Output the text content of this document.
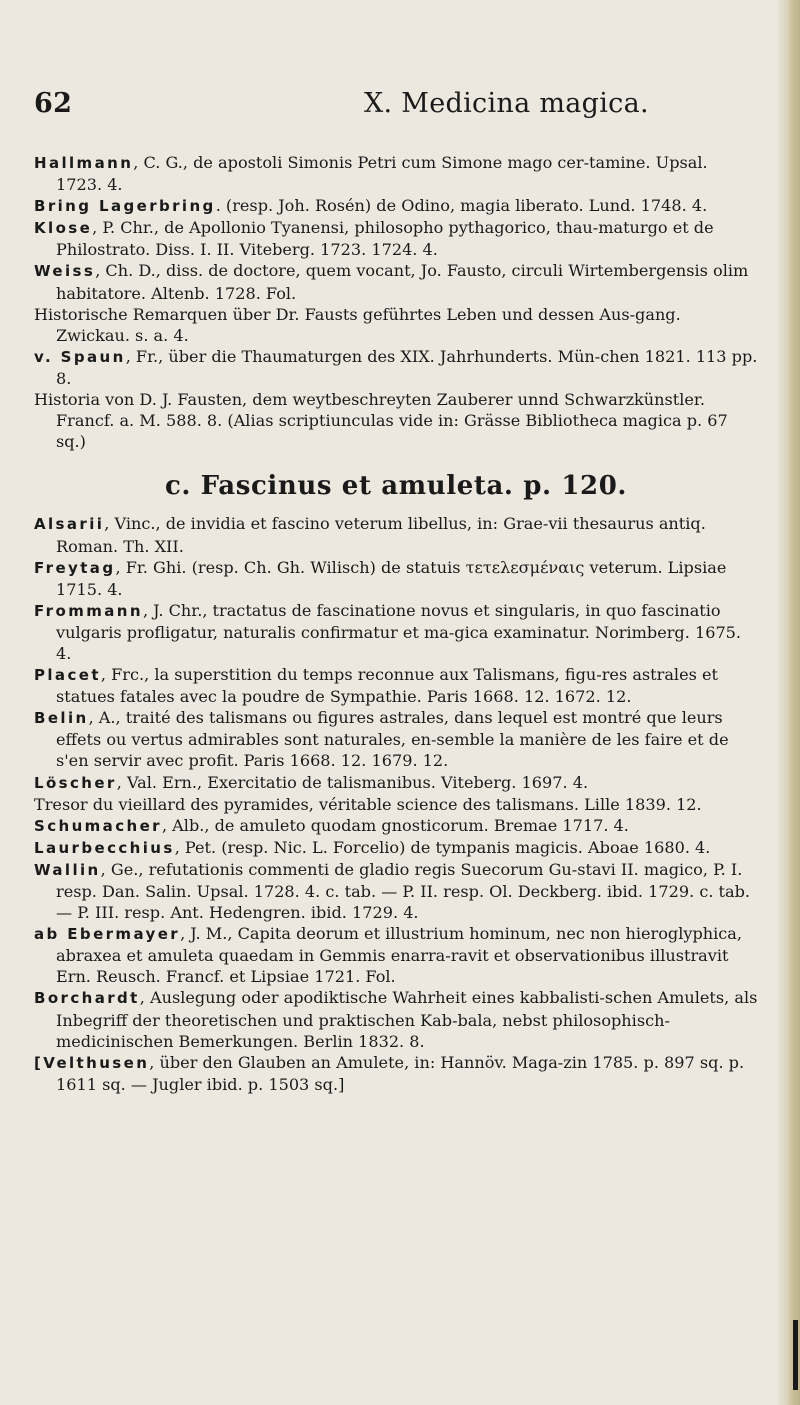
62	X. Medicina magica.

Hallmann, C. G., de apostoli Simonis Petri cum Simone mago cer-tamine. Upsal. 1723. 4.

Bring Lagerbring. (resp. Joh. Rosén) de Odino, magia liberato. Lund. 1748. 4.

Klose, P. Chr., de Apollonio Tyanensi, philosopho pythagorico, thau-maturgo et de Philostrato. Diss. I. II. Viteberg. 1723. 1724. 4.

Weiss, Ch. D., diss. de doctore, quem vocant, Jo. Fausto, circuli Wirtembergensis olim habitatore. Altenb. 1728. Fol.

Historische Remarquen über Dr. Fausts geführtes Leben und dessen Aus-gang. Zwickau. s. a. 4.

v. Spaun, Fr., über die Thaumaturgen des XIX. Jahrhunderts. Mün-chen 1821. 113 pp. 8.

Historia von D. J. Fausten, dem weytbeschreyten Zauberer unnd Schwarzkünstler. Francf. a. M. 588. 8. (Alias scriptiunculas vide in: Grässe Bibliotheca magica p. 67 sq.)

c. Fascinus et amuleta. p. 120.

Alsarii, Vinc., de invidia et fascino veterum libellus, in: Grae-vii thesaurus antiq. Roman. Th. XII.

Freytag, Fr. Ghi. (resp. Ch. Gh. Wilisch) de statuis τετελεσμέναις veterum. Lipsiae 1715. 4.

Frommann, J. Chr., tractatus de fascinatione novus et singularis, in quo fascinatio vulgaris profligatur, naturalis confirmatur et ma-gica examinatur. Norimberg. 1675. 4.

Placet, Frc., la superstition du temps reconnue aux Talismans, figu-res astrales et statues fatales avec la poudre de Sympathie. Paris 1668. 12. 1672. 12.

Belin, A., traité des talismans ou figures astrales, dans lequel est montré que leurs effets ou vertus admirables sont naturales, en-semble la manière de les faire et de s'en servir avec profit. Paris 1668. 12. 1679. 12.

Löscher, Val. Ern., Exercitatio de talismanibus. Viteberg. 1697. 4.

Tresor du vieillard des pyramides, véritable science des talismans. Lille 1839. 12.

Schumacher, Alb., de amuleto quodam gnosticorum. Bremae 1717. 4.

Laurbecchius, Pet. (resp. Nic. L. Forcelio) de tympanis magicis. Aboae 1680. 4.

Wallin, Ge., refutationis commenti de gladio regis Suecorum Gu-stavi II. magico, P. I. resp. Dan. Salin. Upsal. 1728. 4. c. tab. — P. II. resp. Ol. Deckberg. ibid. 1729. c. tab. — P. III. resp. Ant. Hedengren. ibid. 1729. 4.

ab Ebermayer, J. M., Capita deorum et illustrium hominum, nec non hieroglyphica, abraxea et amuleta quaedam in Gemmis enarra-ravit et observationibus illustravit Ern. Reusch. Francf. et Lipsiae 1721. Fol.

Borchardt, Auslegung oder apodiktische Wahrheit eines kabbalisti-schen Amulets, als Inbegriff der theoretischen und praktischen Kab-bala, nebst philosophisch-medicinischen Bemerkungen. Berlin 1832. 8.

[Velthusen, über den Glauben an Amulete, in: Hannöv. Maga-zin 1785. p. 897 sq. p. 1611 sq. — Jugler ibid. p. 1503 sq.]
